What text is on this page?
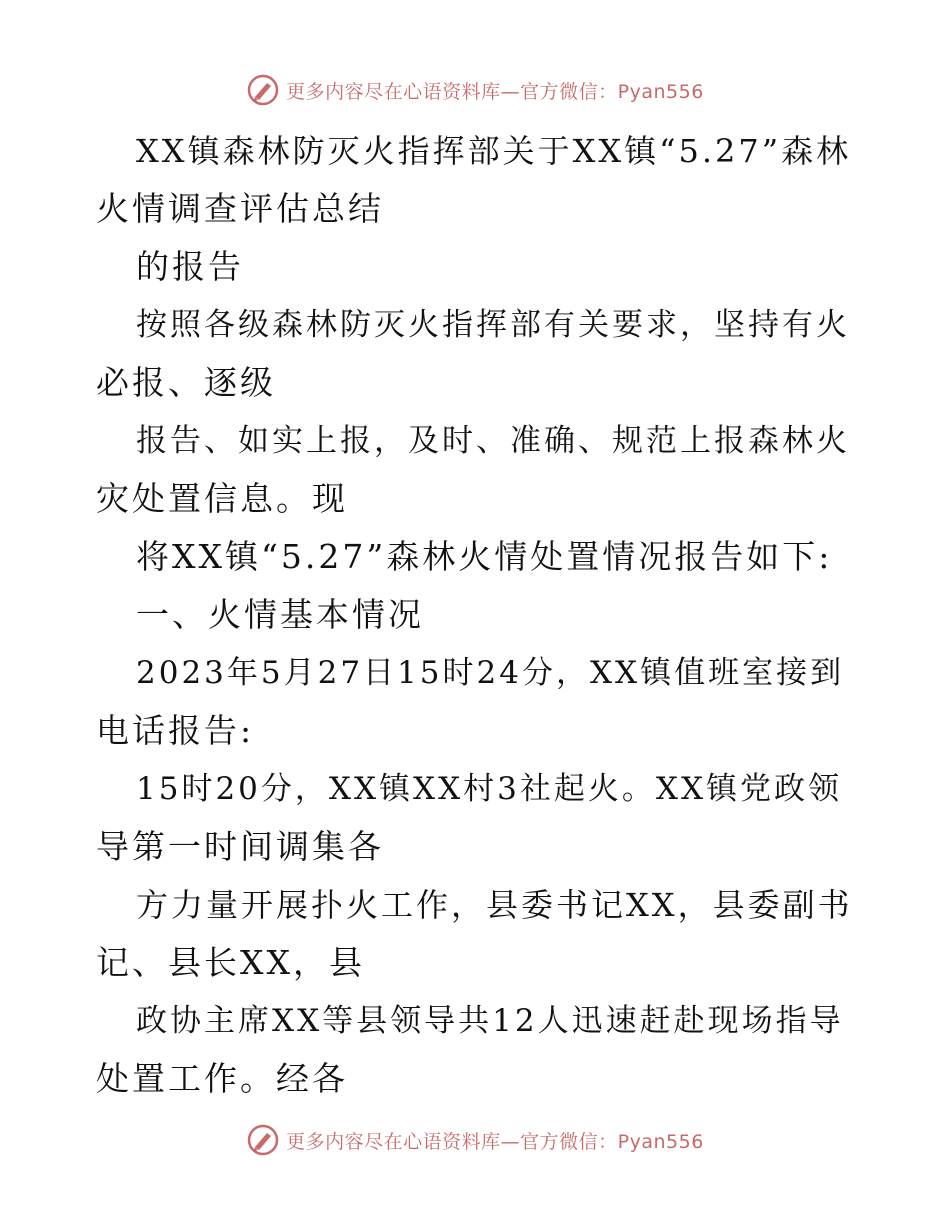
更多内容尽在心语资料库—官方微信：Pyan556
XX镇森林防灭火指挥部关于XX镇“5.27”森林
火情调查评估总结
的报告
按照各级森林防灭火指挥部有关要求，坚持有火
必报、逐级
报告、如实上报，及时、准确、规范上报森林火
灾处置信息。现
将XX镇“5.27”森林火情处置情况报告如下:
一、火情基本情况
2023年5月27日15时24分，XX镇值班室接到
电话报告:
15时20分，XX镇XX村3社起火。XX镇党政领
导第一时间调集各
方力量开展扑火工作，县委书记XX，县委副书
记、县长XX，县
政协主席XX等县领导共12人迅速赶赴现场指导
处置工作。经各
更多内容尽在心语资料库—官方微信：Pyan556
